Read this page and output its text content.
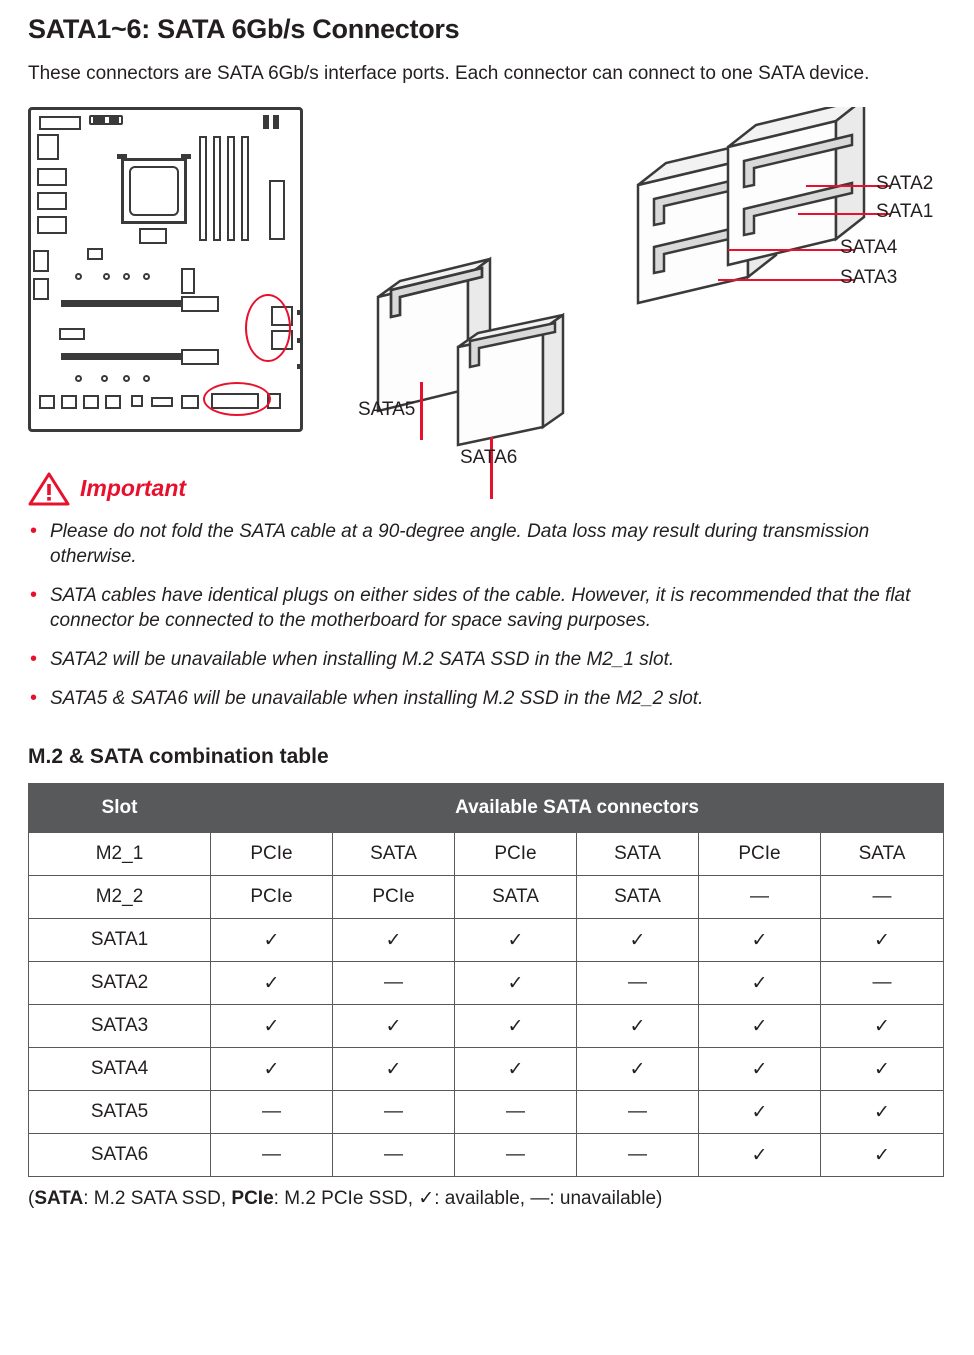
SATA1~6: SATA 6Gb/s Connectors

These connectors are SATA 6Gb/s interface ports. Each connector can connect to one SATA device.

SATA5
SATA6
SATA2
SATA1
SATA4
SATA3
Important
• Please do not fold the SATA cable at a 90-degree angle. Data loss may result during transmission otherwise.
• SATA cables have identical plugs on either sides of the cable. However, it is recommended that the flat connector be connected to the motherboard for space saving purposes.
• SATA2 will be unavailable when installing M.2 SATA SSD in the M2_1 slot.
• SATA5 & SATA6 will be unavailable when installing M.2 SSD in the M2_2 slot.
M.2 & SATA combination table
Slot	Available SATA connectors					
M2_1	PCIe	SATA	PCIe	SATA	PCIe	SATA
M2_2	PCIe	PCIe	SATA	SATA	—	—
SATA1	✓	✓	✓	✓	✓	✓
SATA2	✓	—	✓	—	✓	—
SATA3	✓	✓	✓	✓	✓	✓
SATA4	✓	✓	✓	✓	✓	✓
SATA5	—	—	—	—	✓	✓
SATA6	—	—	—	—	✓	✓
(SATA: M.2 SATA SSD, PCIe: M.2 PCIe SSD, ✓: available, —: unavailable)
